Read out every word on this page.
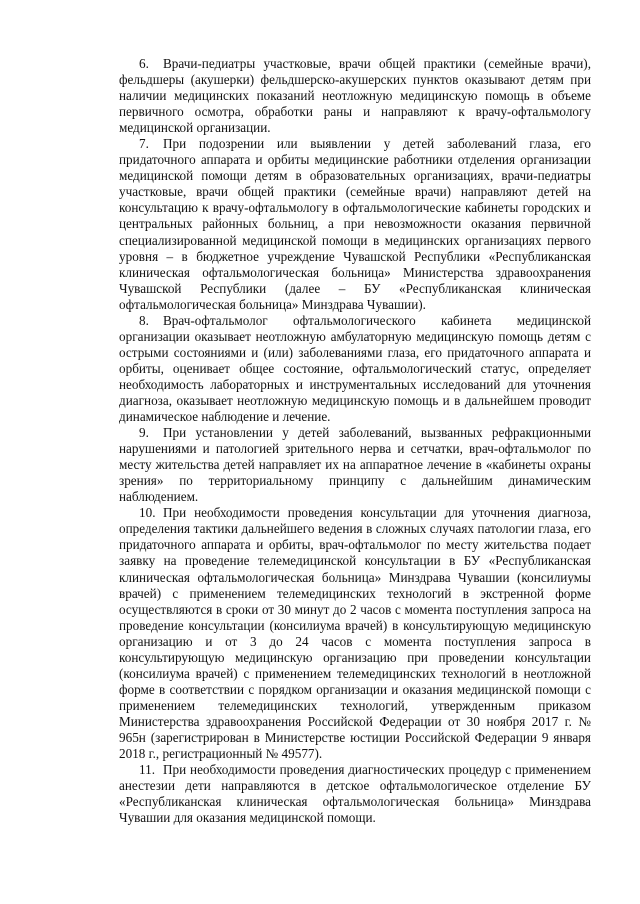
6. Врачи-педиатры участковые, врачи общей практики (семейные врачи), фельдшеры (акушерки) фельдшерско-акушерских пунктов оказывают детям при наличии медицинских показаний неотложную медицинскую помощь в объеме первичного осмотра, обработки раны и направляют к врачу-офтальмологу медицинской организации.

7. При подозрении или выявлении у детей заболеваний глаза, его придаточного аппарата и орбиты медицинские работники отделения организации медицинской помощи детям в образовательных организациях, врачи-педиатры участковые, врачи общей практики (семейные врачи) направляют детей на консультацию к врачу-офтальмологу в офтальмологические кабинеты городских и центральных районных больниц, а при невозможности оказания первичной специализированной медицинской помощи в медицинских организациях первого уровня – в бюджетное учреждение Чувашской Республики «Республиканская клиническая офтальмологическая больница» Министерства здравоохранения Чувашской Республики (далее – БУ «Республиканская клиническая офтальмологическая больница» Минздрава Чувашии).

8. Врач-офтальмолог офтальмологического кабинета медицинской организации оказывает неотложную амбулаторную медицинскую помощь детям с острыми состояниями и (или) заболеваниями глаза, его придаточного аппарата и орбиты, оценивает общее состояние, офтальмологический статус, определяет необходимость лабораторных и инструментальных исследований для уточнения диагноза, оказывает неотложную медицинскую помощь и в дальнейшем проводит динамическое наблюдение и лечение.

9. При установлении у детей заболеваний, вызванных рефракционными нарушениями и патологией зрительного нерва и сетчатки, врач-офтальмолог по месту жительства детей направляет их на аппаратное лечение в «кабинеты охраны зрения» по территориальному принципу с дальнейшим динамическим наблюдением.

10. При необходимости проведения консультации для уточнения диагноза, определения тактики дальнейшего ведения в сложных случаях патологии глаза, его придаточного аппарата и орбиты, врач-офтальмолог по месту жительства подает заявку на проведение телемедицинской консультации в БУ «Республиканская клиническая офтальмологическая больница» Минздрава Чувашии (консилиумы врачей) с применением телемедицинских технологий в экстренной форме осуществляются в сроки от 30 минут до 2 часов с момента поступления запроса на проведение консультации (консилиума врачей) в консультирующую медицинскую организацию и от 3 до 24 часов с момента поступления запроса в консультирующую медицинскую организацию при проведении консультации (консилиума врачей) с применением телемедицинских технологий в неотложной форме в соответствии с порядком организации и оказания медицинской помощи с применением телемедицинских технологий, утвержденным приказом Министерства здравоохранения Российской Федерации от 30 ноября 2017 г. № 965н (зарегистрирован в Министерстве юстиции Российской Федерации 9 января 2018 г., регистрационный № 49577).

11. При необходимости проведения диагностических процедур с применением анестезии дети направляются в детское офтальмологическое отделение БУ «Республиканская клиническая офтальмологическая больница» Минздрава Чувашии для оказания медицинской помощи.
